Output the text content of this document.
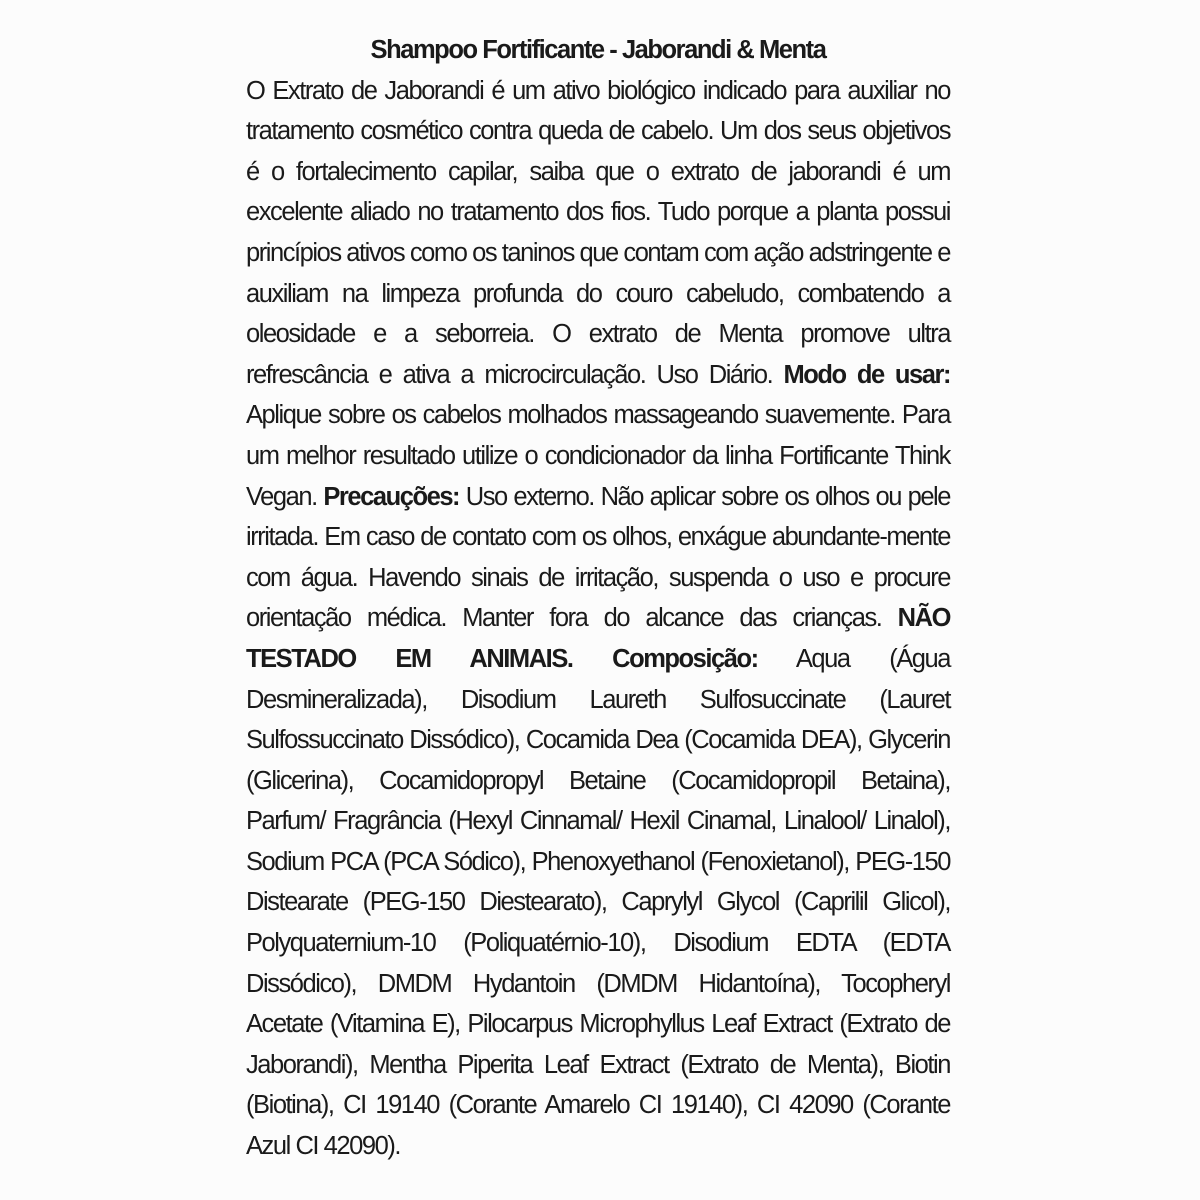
Shampoo Fortificante - Jaborandi & Menta

O Extrato de Jaborandi é um ativo biológico indicado para auxiliar no tratamento cosmético contra queda de cabelo. Um dos seus objetivos é o fortalecimento capilar, saiba que o extrato de jaborandi é um excelente aliado no tratamento dos fios. Tudo porque a planta possui princípios ativos como os taninos que contam com ação adstringente e auxiliam na limpeza profunda do couro cabeludo, combatendo a oleosidade e a seborreia. O extrato de Menta promove ultra refrescância e ativa a microcirculação. Uso Diário. Modo de usar: Aplique sobre os cabelos molhados massageando suavemente. Para um melhor resultado utilize o condicionador da linha Fortificante Think Vegan. Precauções: Uso externo. Não aplicar sobre os olhos ou pele irritada. Em caso de contato com os olhos, enxágue abundante-mente com água. Havendo sinais de irritação, suspenda o uso e procure orientação médica. Manter fora do alcance das crianças. NÃO TESTADO EM ANIMAIS. Composição: Aqua (Água Desmineralizada), Disodium Laureth Sulfosuccinate (Lauret Sulfossuccinato Dissódico), Cocamida Dea (Cocamida DEA), Glycerin (Glicerina), Cocamidopropyl Betaine (Cocamidopropil Betaina), Parfum/ Fragrância (Hexyl Cinnamal/ Hexil Cinamal, Linalool/ Linalol), Sodium PCA (PCA Sódico), Phenoxyethanol (Fenoxietanol), PEG-150 Distearate (PEG-150 Diestearato), Caprylyl Glycol (Caprilil Glicol), Polyquaternium-10 (Poliquatérnio-10), Disodium EDTA (EDTA Dissódico), DMDM Hydantoin (DMDM Hidantoína), Tocopheryl Acetate (Vitamina E), Pilocarpus Microphyllus Leaf Extract (Extrato de Jaborandi), Mentha Piperita Leaf Extract (Extrato de Menta), Biotin (Biotina), CI 19140 (Corante Amarelo CI 19140), CI 42090 (Corante Azul CI 42090).
